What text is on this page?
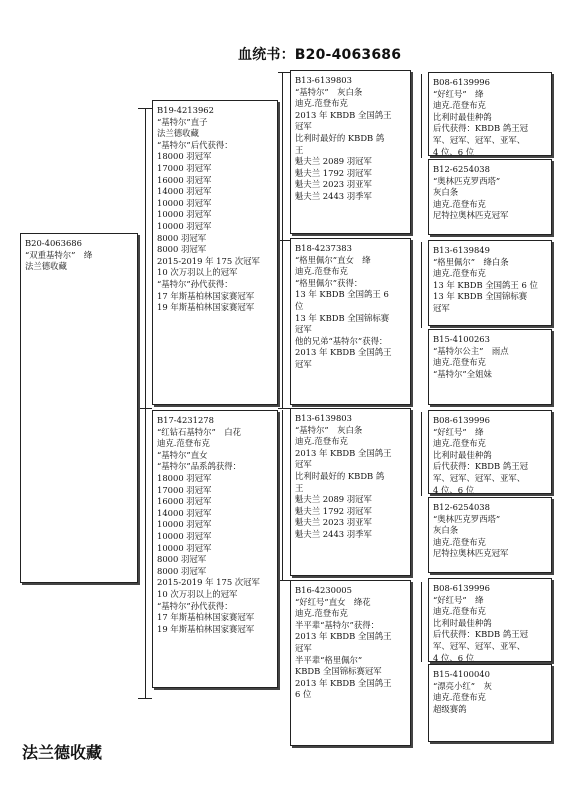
血统书：B20-4063686
B20-4063686
“双重基特尔”　绛
法兰德收藏
B19-4213962
“基特尔”直子
法兰德收藏
“基特尔”后代获得：
18000 羽冠军
17000 羽冠军
16000 羽冠军
14000 羽冠军
10000 羽冠军
10000 羽冠军
10000 羽冠军
8000 羽冠军
8000 羽冠军
2015-2019 年 175 次冠军
10 次万羽以上的冠军
“基特尔”孙代获得：
17 年斯基柏林国家赛冠军
19 年斯基柏林国家赛冠军
B17-4231278
“红钻石基特尔”　白花
迪克.范登布克
“基特尔”直女
“基特尔”品系鸽获得：
18000 羽冠军
17000 羽冠军
16000 羽冠军
14000 羽冠军
10000 羽冠军
10000 羽冠军
10000 羽冠军
8000 羽冠军
8000 羽冠军
2015-2019 年 175 次冠军
10 次万羽以上的冠军
“基特尔”孙代获得：
17 年斯基柏林国家赛冠军
19 年斯基柏林国家赛冠军
B13-6139803
“基特尔”　灰白条
迪克.范登布克
2013 年 KBDB 全国鸽王
冠军
比利时最好的 KBDB 鸽
王
魁夫兰 2089 羽冠军
魁夫兰 1792 羽冠军
魁夫兰 2023 羽亚军
魁夫兰 2443 羽季军
B18-4237383
“格里佩尔”直女　绛
迪克.范登布克
“格里佩尔”获得：
13 年 KBDB 全国鸽王 6
位
13 年 KBDB 全国锦标赛
冠军
他的兄弟“基特尔”获得：
2013 年 KBDB 全国鸽王
冠军
B13-6139803
“基特尔”　灰白条
迪克.范登布克
2013 年 KBDB 全国鸽王
冠军
比利时最好的 KBDB 鸽
王
魁夫兰 2089 羽冠军
魁夫兰 1792 羽冠军
魁夫兰 2023 羽亚军
魁夫兰 2443 羽季军
B16-4230005
“好红号”直女　绛花
迪克.范登布克
半平辈“基特尔”获得：
2013 年 KBDB 全国鸽王
冠军
半平辈“格里佩尔”
KBDB 全国锦标赛冠军
2013 年 KBDB 全国鸽王
6 位
B08-6139996
“好红号”　绛
迪克.范登布克
比利时最佳种鸽
后代获得：KBDB 鸽王冠
军、冠军、冠军、亚军、
4 位、6 位
B12-6254038
“奥林匹克罗西塔”
灰白条
迪克.范登布克
尼特拉奥林匹克冠军
B13-6139849
“格里佩尔”　绛白条
迪克.范登布克
13 年 KBDB 全国鸽王 6 位
13 年 KBDB 全国锦标赛
冠军
B15-4100263
“基特尔公主”　雨点
迪克.范登布克
“基特尔”全姐妹
B08-6139996
“好红号”　绛
迪克.范登布克
比利时最佳种鸽
后代获得：KBDB 鸽王冠
军、冠军、冠军、亚军、
4 位、6 位
B12-6254038
“奥林匹克罗西塔”
灰白条
迪克.范登布克
尼特拉奥林匹克冠军
B08-6139996
“好红号”　绛
迪克.范登布克
比利时最佳种鸽
后代获得：KBDB 鸽王冠
军、冠军、冠军、亚军、
4 位、6 位
B15-4100040
“漂亮小红”　灰
迪克.范登布克
超级赛鸽
法兰德收藏
